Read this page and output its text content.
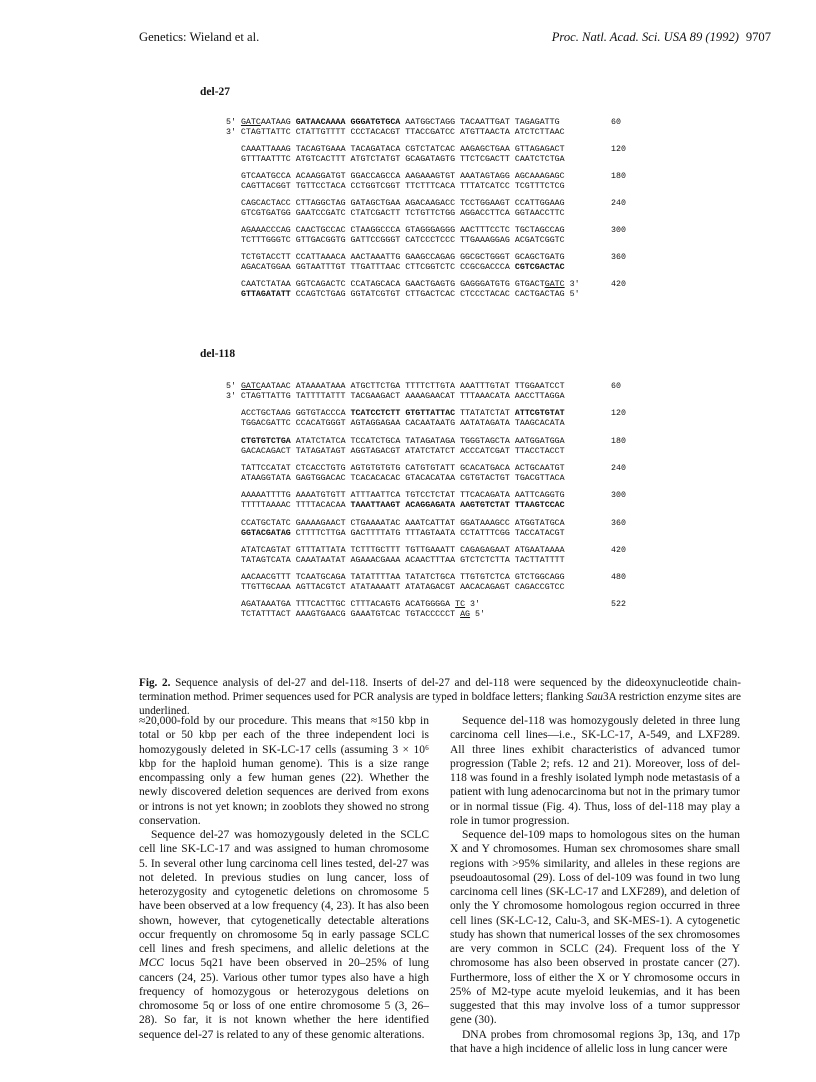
Genetics: Wieland et al.	Proc. Natl. Acad. Sci. USA 89 (1992) 9707
del-27
5' GATCAATAAG GATAACAAAA GGGATGTGCA AATGGCTAGG TACAATTGAT TAGAGATTG
3' CTAGTTATTC CTATTGTTTT CCCTACACGT TTACCGATCC ATGTTAACTA ATCTCTTAAC
60
CAAATTAAAG TACAGTGAAA TACAGATACA CGTCTATCAC AAGAGCTGAA GTTAGAGACT
GTTTAATTTC ATGTCACTTT ATGTCTATGT GCAGATAGTG TTCTCGACTT CAATCTCTGA
120
GTCAATGCCA ACAAGGATGT GGACCAGCCA AAGAAAGTGT AAATAGTAGG AGCAAAGAGC
CAGTTACGGT TGTTCCTACA CCTGGTCGGT TTCTTTCACA TTTATCATCC TCGTTTCTCG
180
CAGCACTACC CTTAGGCTAG GATAGCTGAA AGACAAGACC TCCTGGAAGT CCATTGGAAG
GTCGTGATGG GAATCCGATC CTATCGACTT TCTGTTCTGG AGGACCTTCA GGTAACCTTC
240
AGAAACCCAG CAACTGCCAC CTAAGGCCCA GTAGGGAGGG AACTTTCCTC TGCTAGCCAG
TCTTTGGGTC GTTGACGGTG GATTCCGGGT CATCCCTCCC TTGAAAGGAG ACGATCGGTC
300
TCTGTACCTT CCATTAAACA AACTAAATTG GAAGCCAGAG GGCGCTGGGT GCAGCTGATG
AGACATGGAA GGTAATTTGT TTGATTTAAC CTTCGGTCTC CCGCGACCCA CGTCGACTAC
360
CAATCTATAA GGTCAGACTC CCATAGCACA GAACTGAGTG GAGGGATGTG GTGACTGATC 3'
GTTAGATATT CCAGTCTGAG GGTATCGTGT CTTGACTCAC CTCCCTACAC CACTGACTAG 5'
420
del-118
5' GATCAATAAC ATAAAATAAA ATGCTTCTGA TTTTCTTGTA AAATTTGTAT TTGGAATCCT
3' CTAGTTATTG TATTTTATTT TACGAAGACT AAAAGAACAT TTTAAACATA AACCTTAGGA
60
ACCTGCTAAG GGTGTACCCA TCATCCTCTT GTGTTATTAC TTATATCTAT ATTCGTGTAT
TGGACGATTC CCACATGGGT AGTAGGAGAA CACAATAATG AATATAGATA TAAGCACATA
120
CTGTGTCTGA ATATCTATCA TCCATCTGCA TATAGATAGA TGGGTAGCTA AATGGATGGA
GACACAGACT TATAGATAGT AGGTAGACGT ATATCTATCT ACCCATCGAT TTACCTACCT
180
TATTCCATAT CTCACCTGTG AGTGTGTGTG CATGTGTATT GCACATGACA ACTGCAATGT
ATAAGGTATA GAGTGGACAC TCACACACAC GTACACATAA CGTGTACTGT TGACGTTACA
240
AAAAATTTTG AAAATGTGTT ATTTAATTCA TGTCCTCTAT TTCACAGATA AATTCAGGTG
TTTTTAAAAC TTTTACACAA TAAATTAAGT ACAGGAGATA AAGTGTCTAT TTAAGTCCAC
300
CCATGCTATC GAAAAGAACT CTGAAAATAC AAATCATTAT GGATAAAGCC ATGGTATGCA
GGTACGATAG CTTTTCTTGA GACTTTTATG TTTAGTAATA CCTATTTCGG TACCATACGT
360
ATATCAGTAT GTTTATTATA TCTTTGCTTT TGTTGAAATT CAGAGAGAAT ATGAATAAAA
TATAGTCATA CAAATAATAT AGAAACGAAA ACAACTTTAA GTCTCTCTTA TACTTATTTT
420
AACAACGTTT TCAATGCAGA TATATTTTAA TATATCTGCA TTGTGTCTCA GTCTGGCAGG
TTGTTGCAAA AGTTACGTCT ATATAAAATT ATATAGACGT AACACAGAGT CAGACCGTCC
480
AGATAAATGA TTTCACTTGC CTTTACAGTG ACATGGGGA TC 3'
TCTATTTACT AAAGTGAACG GAAATGTCAC TGTACCCCCT AG 5'
522
Fig. 2. Sequence analysis of del-27 and del-118. Inserts of del-27 and del-118 were sequenced by the dideoxynucleotide chain-termination method. Primer sequences used for PCR analysis are typed in boldface letters; flanking Sau3A restriction enzyme sites are underlined.

≈20,000-fold by our procedure. This means that ≈150 kbp in total or 50 kbp per each of the three independent loci is homozygously deleted in SK-LC-17 cells (assuming 3 × 10⁶ kbp for the haploid human genome). This is a size range encompassing only a few human genes (22). Whether the newly discovered deletion sequences are derived from exons or introns is not yet known; in zooblots they showed no strong conservation.

Sequence del-27 was homozygously deleted in the SCLC cell line SK-LC-17 and was assigned to human chromosome 5. In several other lung carcinoma cell lines tested, del-27 was not deleted. In previous studies on lung cancer, loss of heterozygosity and cytogenetic deletions on chromosome 5 have been observed at a low frequency (4, 23). It has also been shown, however, that cytogenetically detectable alterations occur frequently on chromosome 5q in early passage SCLC cell lines and fresh specimens, and allelic deletions at the MCC locus 5q21 have been observed in 20–25% of lung cancers (24, 25). Various other tumor types also have a high frequency of homozygous or heterozygous deletions on chromosome 5q or loss of one entire chromosome 5 (3, 26–28). So far, it is not known whether the here identified sequence del-27 is related to any of these genomic alterations.

Sequence del-118 was homozygously deleted in three lung carcinoma cell lines—i.e., SK-LC-17, A-549, and LXF289. All three lines exhibit characteristics of advanced tumor progression (Table 2; refs. 12 and 21). Moreover, loss of del-118 was found in a freshly isolated lymph node metastasis of a patient with lung adenocarcinoma but not in the primary tumor or in normal tissue (Fig. 4). Thus, loss of del-118 may play a role in tumor progression.

Sequence del-109 maps to homologous sites on the human X and Y chromosomes. Human sex chromosomes share small regions with >95% similarity, and alleles in these regions are pseudoautosomal (29). Loss of del-109 was found in two lung carcinoma cell lines (SK-LC-17 and LXF289), and deletion of only the Y chromosome homologous region occurred in three cell lines (SK-LC-12, Calu-3, and SK-MES-1). A cytogenetic study has shown that numerical losses of the sex chromosomes are very common in SCLC (24). Frequent loss of the Y chromosome has also been observed in prostate cancer (27). Furthermore, loss of either the X or Y chromosome occurs in 25% of M2-type acute myeloid leukemias, and it has been suggested that this may involve loss of a tumor suppressor gene (30).

DNA probes from chromosomal regions 3p, 13q, and 17p that have a high incidence of allelic loss in lung cancer were
